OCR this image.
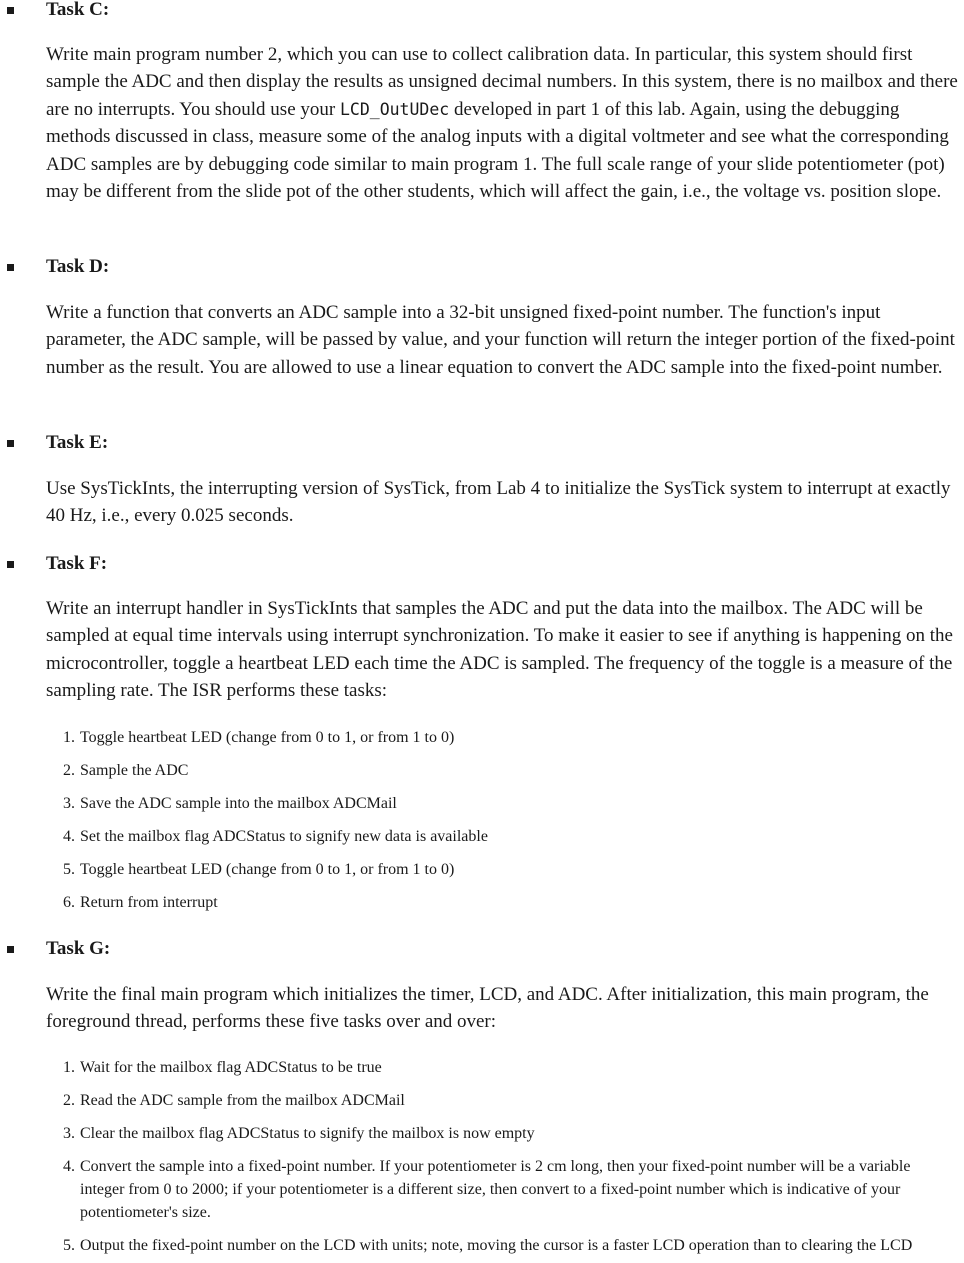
Task C:

Write main program number 2, which you can use to collect calibration data. In particular, this system should first sample the ADC and then display the results as unsigned decimal numbers. In this system, there is no mailbox and there are no interrupts. You should use your LCD_OutUDec developed in part 1 of this lab. Again, using the debugging methods discussed in class, measure some of the analog inputs with a digital voltmeter and see what the corresponding ADC samples are by debugging code similar to main program 1. The full scale range of your slide potentiometer (pot) may be different from the slide pot of the other students, which will affect the gain, i.e., the voltage vs. position slope.

Task D:

Write a function that converts an ADC sample into a 32-bit unsigned fixed-point number. The function's input parameter, the ADC sample, will be passed by value, and your function will return the integer portion of the fixed-point number as the result. You are allowed to use a linear equation to convert the ADC sample into the fixed-point number.

Task E:

Use SysTickInts, the interrupting version of SysTick, from Lab 4 to initialize the SysTick system to interrupt at exactly 40 Hz, i.e., every 0.025 seconds.

Task F:

Write an interrupt handler in SysTickInts that samples the ADC and put the data into the mailbox. The ADC will be sampled at equal time intervals using interrupt synchronization. To make it easier to see if anything is happening on the microcontroller, toggle a heartbeat LED each time the ADC is sampled. The frequency of the toggle is a measure of the sampling rate. The ISR performs these tasks:

1. Toggle heartbeat LED (change from 0 to 1, or from 1 to 0)
2. Sample the ADC
3. Save the ADC sample into the mailbox ADCMail
4. Set the mailbox flag ADCStatus to signify new data is available
5. Toggle heartbeat LED (change from 0 to 1, or from 1 to 0)
6. Return from interrupt

Task G:

Write the final main program which initializes the timer, LCD, and ADC. After initialization, this main program, the foreground thread, performs these five tasks over and over:

1. Wait for the mailbox flag ADCStatus to be true
2. Read the ADC sample from the mailbox ADCMail
3. Clear the mailbox flag ADCStatus to signify the mailbox is now empty
4. Convert the sample into a fixed-point number. If your potentiometer is 2 cm long, then your fixed-point number will be a variable integer from 0 to 2000; if your potentiometer is a different size, then convert to a fixed-point number which is indicative of your potentiometer's size.
5. Output the fixed-point number on the LCD with units; note, moving the cursor is a faster LCD operation than to clearing the LCD
